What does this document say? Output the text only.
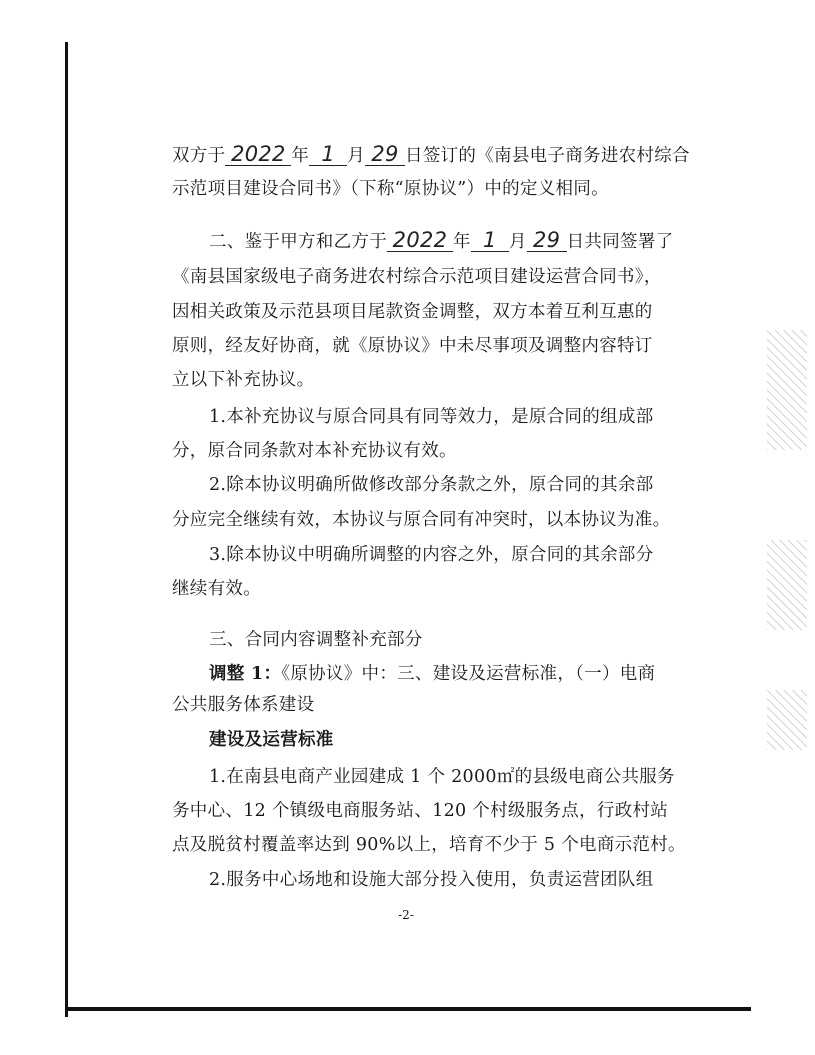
双方于 2022 年 1 月 29 日签订的《南县电子商务进农村综合
示范项目建设合同书》（下称“原协议”）中的定义相同。
二、鉴于甲方和乙方于 2022 年 1 月 29 日共同签署了
《南县国家级电子商务进农村综合示范项目建设运营合同书》，
因相关政策及示范县项目尾款资金调整，双方本着互利互惠的
原则，经友好协商，就《原协议》中未尽事项及调整内容特订
立以下补充协议。
1.本补充协议与原合同具有同等效力，是原合同的组成部
分，原合同条款对本补充协议有效。
2.除本协议明确所做修改部分条款之外，原合同的其余部
分应完全继续有效，本协议与原合同有冲突时，以本协议为准。
3.除本协议中明确所调整的内容之外，原合同的其余部分
继续有效。
三、合同内容调整补充部分
调整 1：《原协议》中：三、建设及运营标准，（一）电商
公共服务体系建设
建设及运营标准
1.在南县电商产业园建成 1 个 2000㎡的县级电商公共服务
务中心、12 个镇级电商服务站、120 个村级服务点，行政村站
点及脱贫村覆盖率达到 90%以上，培育不少于 5 个电商示范村。
2.服务中心场地和设施大部分投入使用，负责运营团队组
-2-
